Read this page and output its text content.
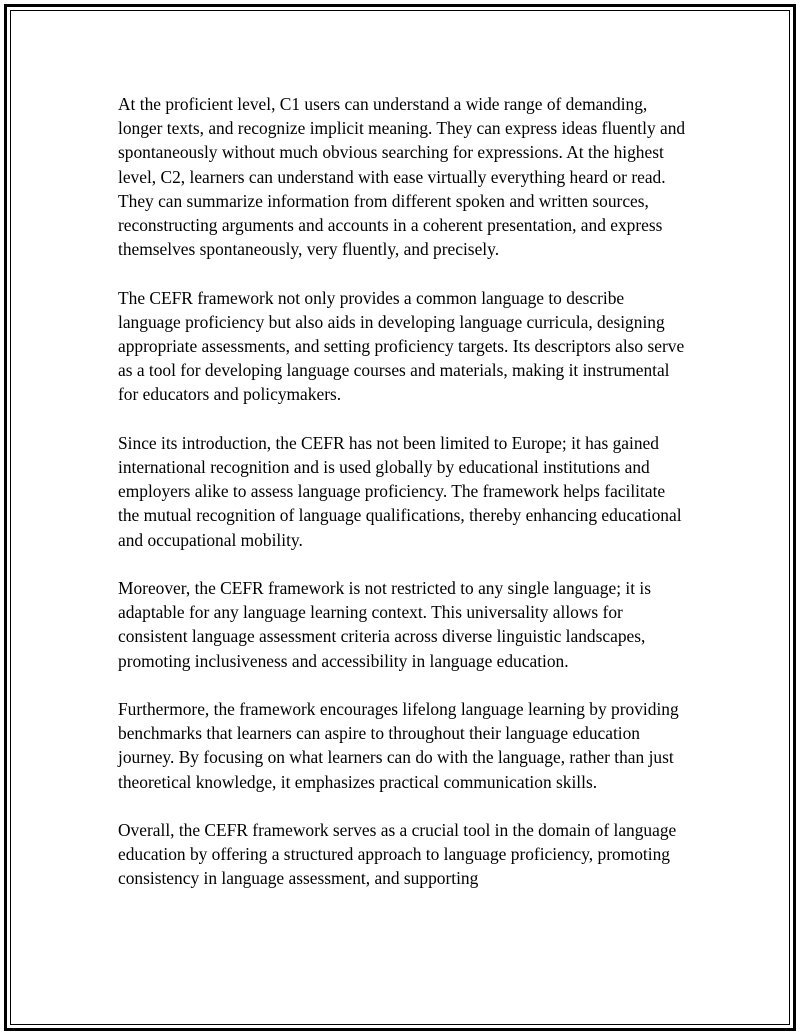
At the proficient level, C1 users can understand a wide range of demanding, longer texts, and recognize implicit meaning. They can express ideas fluently and spontaneously without much obvious searching for expressions. At the highest level, C2, learners can understand with ease virtually everything heard or read. They can summarize information from different spoken and written sources, reconstructing arguments and accounts in a coherent presentation, and express themselves spontaneously, very fluently, and precisely.

The CEFR framework not only provides a common language to describe language proficiency but also aids in developing language curricula, designing appropriate assessments, and setting proficiency targets. Its descriptors also serve as a tool for developing language courses and materials, making it instrumental for educators and policymakers.

Since its introduction, the CEFR has not been limited to Europe; it has gained international recognition and is used globally by educational institutions and employers alike to assess language proficiency. The framework helps facilitate the mutual recognition of language qualifications, thereby enhancing educational and occupational mobility.

Moreover, the CEFR framework is not restricted to any single language; it is adaptable for any language learning context. This universality allows for consistent language assessment criteria across diverse linguistic landscapes, promoting inclusiveness and accessibility in language education.

Furthermore, the framework encourages lifelong language learning by providing benchmarks that learners can aspire to throughout their language education journey. By focusing on what learners can do with the language, rather than just theoretical knowledge, it emphasizes practical communication skills.

Overall, the CEFR framework serves as a crucial tool in the domain of language education by offering a structured approach to language proficiency, promoting consistency in language assessment, and supporting
